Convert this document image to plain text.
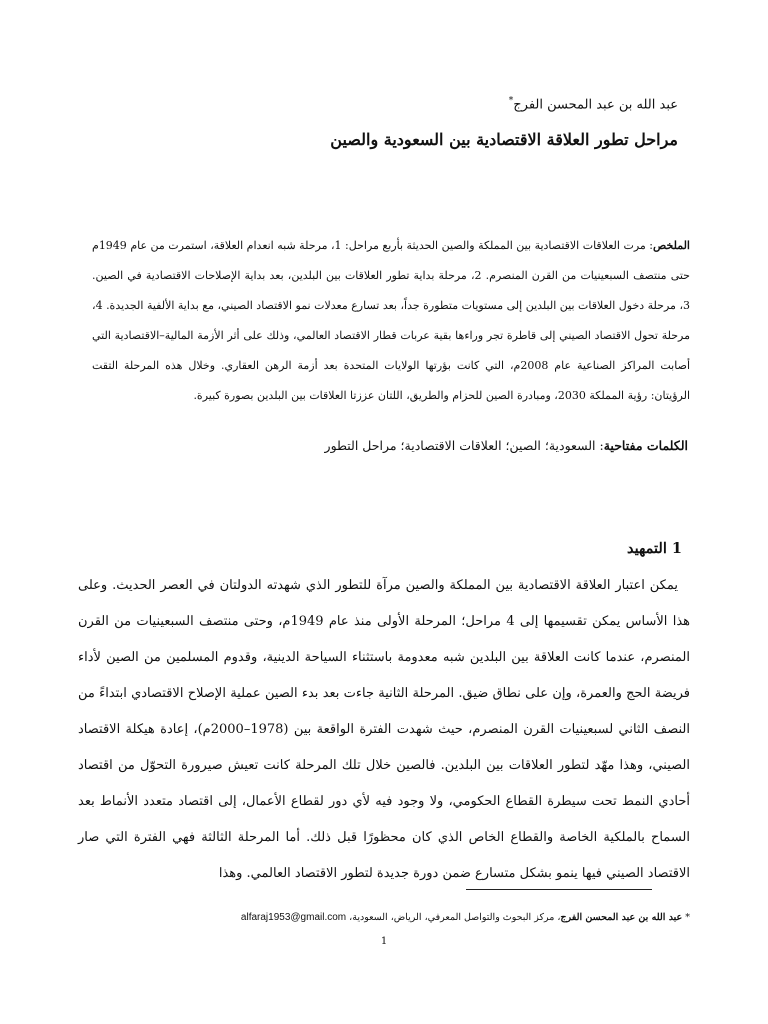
عبد الله بن عبد المحسن الفرج*
مراحل تطور العلاقة الاقتصادية بين السعودية والصين

الملخص: مرت العلاقات الاقتصادية بين المملكة والصين الحديثة بأربع مراحل: 1، مرحلة شبه انعدام العلاقة، استمرت من عام 1949م حتى منتصف السبعينيات من القرن المنصرم. 2، مرحلة بداية تطور العلاقات بين البلدين، بعد بداية الإصلاحات الاقتصادية في الصين. 3، مرحلة دخول العلاقات بين البلدين إلى مستويات متطورة جداً، بعد تسارع معدلات نمو الاقتصاد الصيني، مع بداية الألفية الجديدة. 4، مرحلة تحول الاقتصاد الصيني إلى قاطرة تجر وراءها بقية عربات قطار الاقتصاد العالمي، وذلك على أثر الأزمة المالية–الاقتصادية التي أصابت المراكز الصناعية عام 2008م، التي كانت بؤرتها الولايات المتحدة بعد أزمة الرهن العقاري. وخلال هذه المرحلة التقت الرؤيتان: رؤية المملكة 2030، ومبادرة الصين للحزام والطريق، اللتان عززتا العلاقات بين البلدين بصورة كبيرة.

الكلمات مفتاحية: السعودية؛ الصين؛ العلاقات الاقتصادية؛ مراحل التطور
1 التمهيد

يمكن اعتبار العلاقة الاقتصادية بين المملكة والصين مرآة للتطور الذي شهدته الدولتان في العصر الحديث. وعلى هذا الأساس يمكن تقسيمها إلى 4 مراحل؛ المرحلة الأولى منذ عام 1949م، وحتى منتصف السبعينيات من القرن المنصرم، عندما كانت العلاقة بين البلدين شبه معدومة باستثناء السياحة الدينية، وقدوم المسلمين من الصين لأداء فريضة الحج والعمرة، وإن على نطاق ضيق. المرحلة الثانية جاءت بعد بدء الصين عملية الإصلاح الاقتصادي ابتداءً من النصف الثاني لسبعينيات القرن المنصرم، حيث شهدت الفترة الواقعة بين (1978–2000م)، إعادة هيكلة الاقتصاد الصيني، وهذا مهّد لتطور العلاقات بين البلدين. فالصين خلال تلك المرحلة كانت تعيش صيرورة التحوّل من اقتصاد أحادي النمط تحت سيطرة القطاع الحكومي، ولا وجود فيه لأي دور لقطاع الأعمال، إلى اقتصاد متعدد الأنماط بعد السماح بالملكية الخاصة والقطاع الخاص الذي كان محظورًا قبل ذلك. أما المرحلة الثالثة فهي الفترة التي صار الاقتصاد الصيني فيها ينمو بشكل متسارع ضمن دورة جديدة لتطور الاقتصاد العالمي. وهذا

* عبد الله بن عبد المحسن الفرج، مركز البحوث والتواصل المعرفي، الرياض، السعودية، alfaraj1953@gmail.com
1
